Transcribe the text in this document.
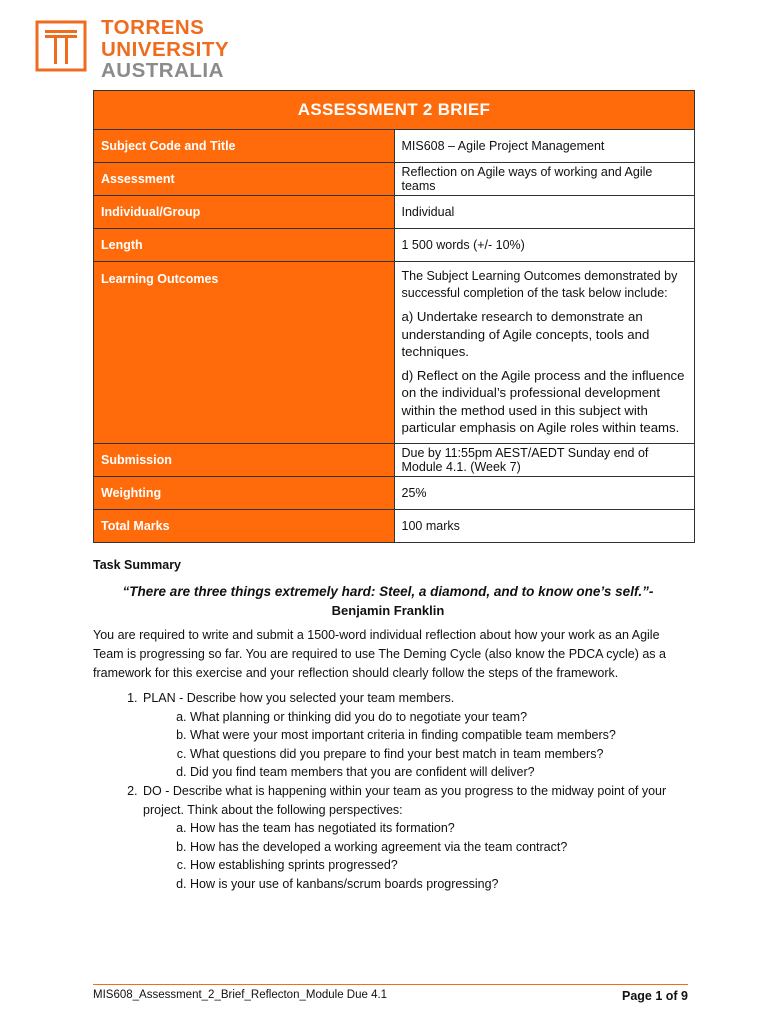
TORRENS
UNIVERSITY
AUSTRALIA
ASSESSMENT 2 BRIEF	
Subject Code and Title	MIS608 – Agile Project Management
Assessment	Reflection on Agile ways of working and Agile teams
Individual/Group	Individual
Length	1 500 words (+/- 10%)
Learning Outcomes	The Subject Learning Outcomes demonstrated by successful completion of the task below include:
a) Undertake research to demonstrate an understanding of Agile concepts, tools and techniques.
d) Reflect on the Agile process and the influence on the individual’s professional development within the method used in this subject with particular emphasis on Agile roles within teams.

Submission	Due by 11:55pm AEST/AEDT Sunday end of Module 4.1. (Week 7)
Weighting	25%
Total Marks	100 marks
Task Summary
“There are three things extremely hard: Steel, a diamond, and to know one’s self.”-
Benjamin Franklin
You are required to write and submit a 1500-word individual reflection about how your work as an Agile Team is progressing so far. You are required to use The Deming Cycle (also know the PDCA cycle) as a framework for this exercise and your reflection should clearly follow the steps of the framework.
1. PLAN - Describe how you selected your team members.
a. What planning or thinking did you do to negotiate your team?
b. What were your most important criteria in finding compatible team members?
c. What questions did you prepare to find your best match in team members?
d. Did you find team members that you are confident will deliver?
2. DO - Describe what is happening within your team as you progress to the midway point of your project. Think about the following perspectives:
a. How has the team has negotiated its formation?
b. How has the developed a working agreement via the team contract?
c. How establishing sprints progressed?
d. How is your use of kanbans/scrum boards progressing?
MIS608_Assessment_2_Brief_Reflecton_Module Due 4.1	Page 1 of 9
